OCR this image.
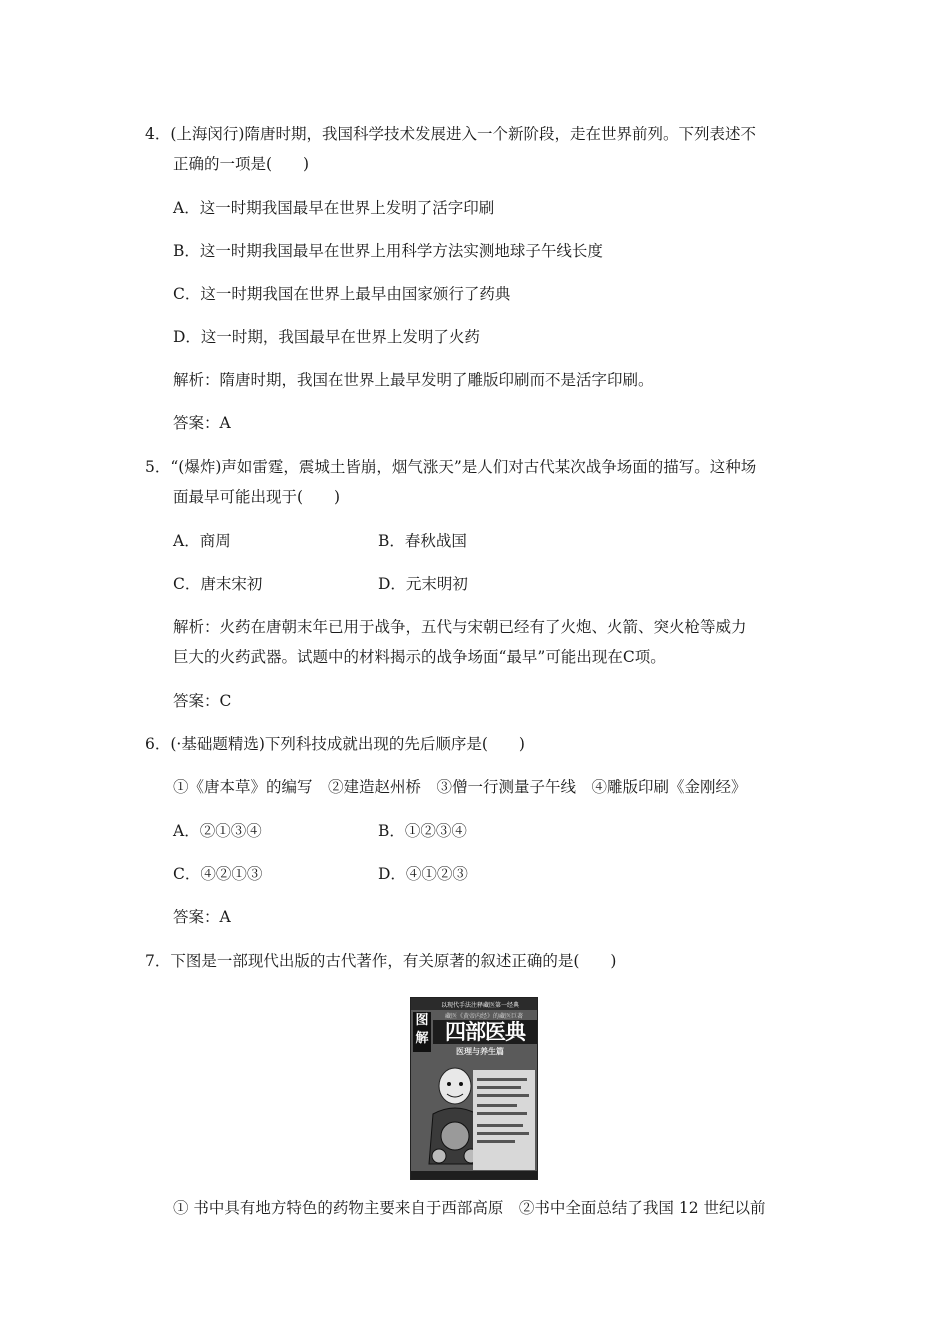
4．(上海闵行)隋唐时期，我国科学技术发展进入一个新阶段，走在世界前列。下列表述不
正确的一项是(　　)
A．这一时期我国最早在世界上发明了活字印刷
B．这一时期我国最早在世界上用科学方法实测地球子午线长度
C．这一时期我国在世界上最早由国家颁行了药典
D．这一时期，我国最早在世界上发明了火药
解析：隋唐时期，我国在世界上最早发明了雕版印刷而不是活字印刷。
答案：A
5．“(爆炸)声如雷霆，震城土皆崩，烟气涨天”是人们对古代某次战争场面的描写。这种场
面最早可能出现于(　　)
A．商周	B．春秋战国
C．唐末宋初	D．元末明初
解析：火药在唐朝末年已用于战争，五代与宋朝已经有了火炮、火箭、突火枪等威力
巨大的火药武器。试题中的材料揭示的战争场面“最早”可能出现在C项。
答案：C
6．(·基础题精选)下列科技成就出现的先后顺序是(　　)
①《唐本草》的编写　②建造赵州桥　③僧一行测量子午线　④雕版印刷《金刚经》
A．②①③④	B．①②③④
C．④②①③	D．④①②③
答案：A
7．下图是一部现代出版的古代著作，有关原著的叙述正确的是(　　)
以现代手法注释藏医第一经典
藏医《黄帝内经》的藏医巨著
图解 四部医典
医理与养生篇
① 书中具有地方特色的药物主要来自于西部高原　②书中全面总结了我国 12 世纪以前
